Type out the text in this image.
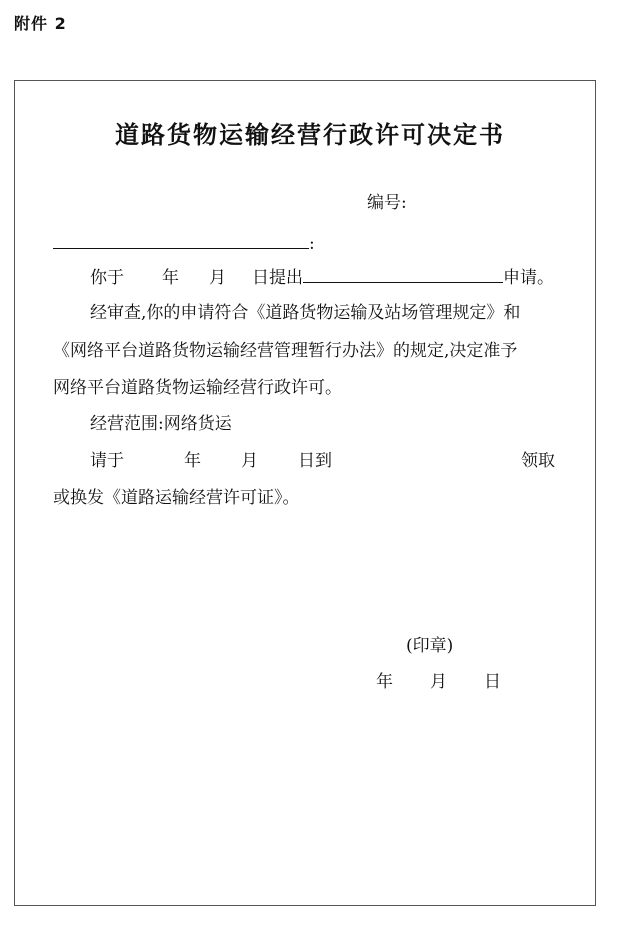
附件 2
道路货物运输经营行政许可决定书
编号:
:
你于 年 月 日提出	申请。
经审查,你的申请符合《道路货物运输及站场管理规定》和
《网络平台道路货物运输经营管理暂行办法》的规定,决定准予
网络平台道路货物运输经营行政许可。
经营范围:网络货运
请于	年 月 日到	领取
或换发《道路运输经营许可证》。
(印章)
年 月 日
